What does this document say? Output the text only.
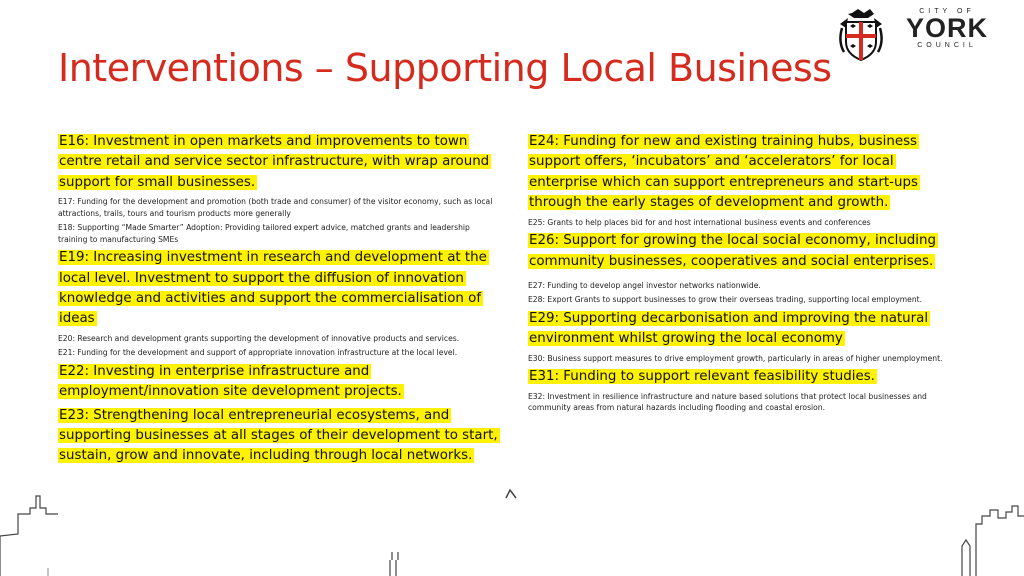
Interventions – Supporting Local Business
CITY OF
YORK
COUNCIL

E16: Investment in open markets and improvements to town centre retail and service sector infrastructure, with wrap around support for small businesses.

E17: Funding for the development and promotion (both trade and consumer) of the visitor economy, such as local attractions, trails, tours and tourism products more generally

E18: Supporting “Made Smarter” Adoption: Providing tailored expert advice, matched grants and leadership training to manufacturing SMEs

E19: Increasing investment in research and development at the local level. Investment to support the diffusion of innovation knowledge and activities and support the commercialisation of ideas

E20: Research and development grants supporting the development of innovative products and services.

E21: Funding for the development and support of appropriate innovation infrastructure at the local level.

E22: Investing in enterprise infrastructure and employment/innovation site development projects.

E23: Strengthening local entrepreneurial ecosystems, and supporting businesses at all stages of their development to start, sustain, grow and innovate, including through local networks.

E24: Funding for new and existing training hubs, business support offers, ‘incubators’ and ‘accelerators’ for local enterprise which can support entrepreneurs and start-ups through the early stages of development and growth.

E25: Grants to help places bid for and host international business events and conferences

E26: Support for growing the local social economy, including community businesses, cooperatives and social enterprises.

E27: Funding to develop angel investor networks nationwide.

E28: Export Grants to support businesses to grow their overseas trading, supporting local employment.

E29: Supporting decarbonisation and improving the natural environment whilst growing the local economy

E30: Business support measures to drive employment growth, particularly in areas of higher unemployment.

E31: Funding to support relevant feasibility studies.

E32: Investment in resilience infrastructure and nature based solutions that protect local businesses and community areas from natural hazards including flooding and coastal erosion.
